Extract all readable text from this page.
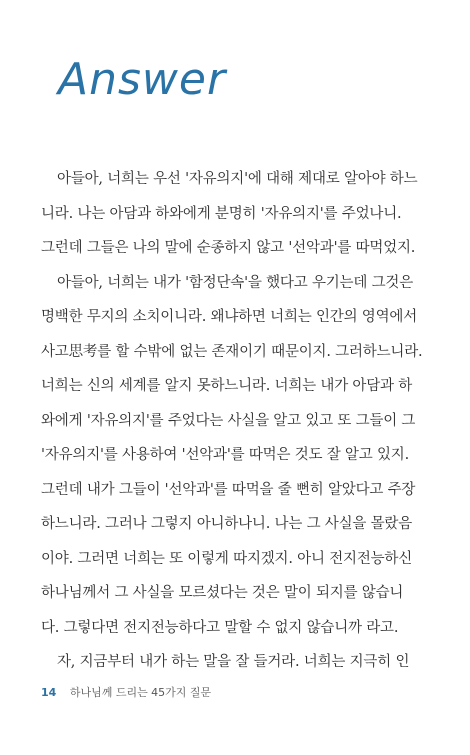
Answer
아들아, 너희는 우선 '자유의지'에 대해 제대로 알아야 하느
니라. 나는 아담과 하와에게 분명히 '자유의지'를 주었나니.
그런데 그들은 나의 말에 순종하지 않고 '선악과'를 따먹었지.
아들아, 너희는 내가 '함정단속'을 했다고 우기는데 그것은
명백한 무지의 소치이니라. 왜냐하면 너희는 인간의 영역에서
사고思考를 할 수밖에 없는 존재이기 때문이지. 그러하느니라.
너희는 신의 세계를 알지 못하느니라. 너희는 내가 아담과 하
와에게 '자유의지'를 주었다는 사실을 알고 있고 또 그들이 그
'자유의지'를 사용하여 '선악과'를 따먹은 것도 잘 알고 있지.
그런데 내가 그들이 '선악과'를 따먹을 줄 뻔히 알았다고 주장
하느니라. 그러나 그렇지 아니하나니. 나는 그 사실을 몰랐음
이야. 그러면 너희는 또 이렇게 따지겠지. 아니 전지전능하신
하나님께서 그 사실을 모르셨다는 것은 말이 되지를 않습니
다. 그렇다면 전지전능하다고 말할 수 없지 않습니까 라고.
자, 지금부터 내가 하는 말을 잘 들거라. 너희는 지극히 인
14 하나님께 드리는 45가지 질문
